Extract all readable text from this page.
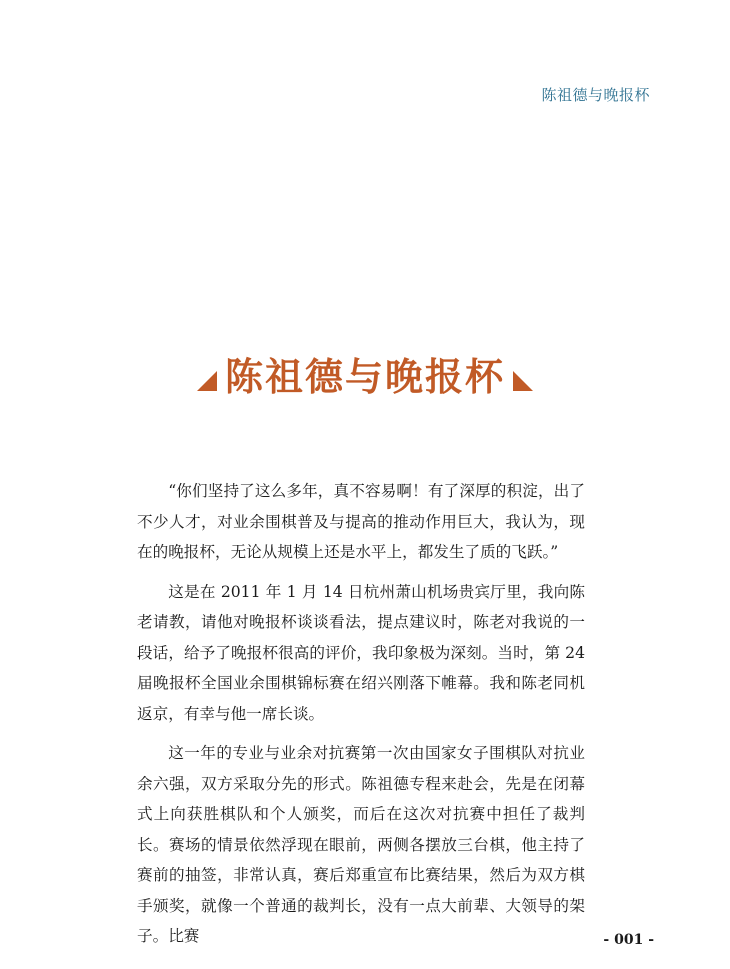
陈祖德与晚报杯
陈祖德与晚报杯

“你们坚持了这么多年，真不容易啊！有了深厚的积淀，出了不少人才，对业余围棋普及与提高的推动作用巨大，我认为，现在的晚报杯，无论从规模上还是水平上，都发生了质的飞跃。”

这是在 2011 年 1 月 14 日杭州萧山机场贵宾厅里，我向陈老请教，请他对晚报杯谈谈看法，提点建议时，陈老对我说的一段话，给予了晚报杯很高的评价，我印象极为深刻。当时，第 24 届晚报杯全国业余围棋锦标赛在绍兴刚落下帷幕。我和陈老同机返京，有幸与他一席长谈。

这一年的专业与业余对抗赛第一次由国家女子围棋队对抗业余六强，双方采取分先的形式。陈祖德专程来赴会，先是在闭幕式上向获胜棋队和个人颁奖，而后在这次对抗赛中担任了裁判长。赛场的情景依然浮现在眼前，两侧各摆放三台棋，他主持了赛前的抽签，非常认真，赛后郑重宣布比赛结果，然后为双方棋手颁奖，就像一个普通的裁判长，没有一点大前辈、大领导的架子。比赛	- 001 -
